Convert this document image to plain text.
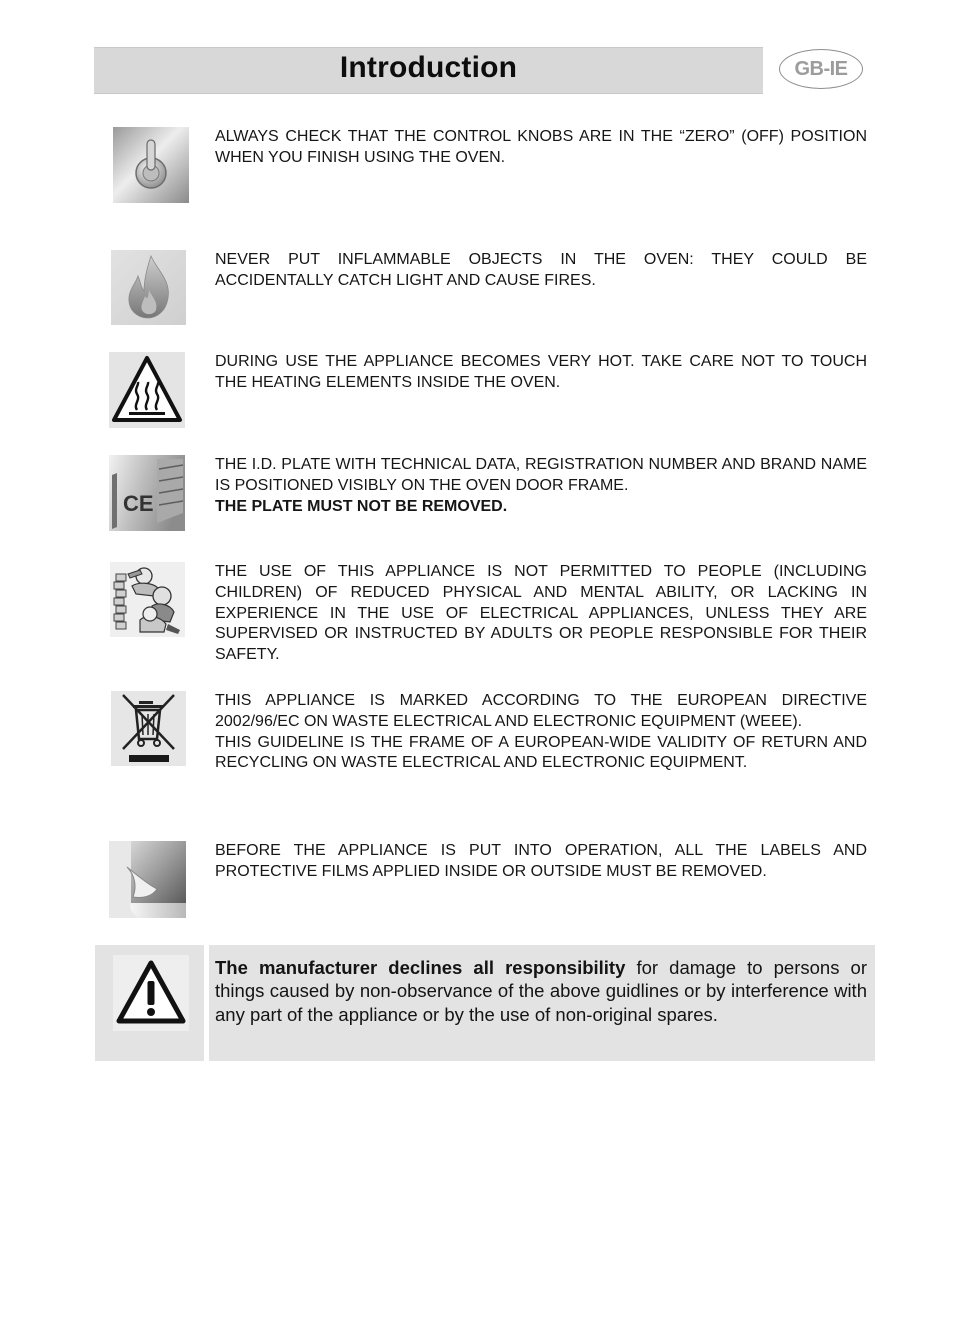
Introduction	GB-IE

ALWAYS CHECK THAT THE CONTROL KNOBS ARE IN THE “ZERO” (OFF) POSITION WHEN YOU FINISH USING THE OVEN.

NEVER PUT INFLAMMABLE OBJECTS IN THE OVEN: THEY COULD BE ACCIDENTALLY CATCH LIGHT AND CAUSE FIRES.

DURING USE THE APPLIANCE BECOMES VERY HOT. TAKE CARE NOT TO TOUCH THE HEATING ELEMENTS INSIDE THE OVEN.

CE

THE I.D. PLATE WITH TECHNICAL DATA, REGISTRATION NUMBER AND BRAND NAME IS POSITIONED VISIBLY ON THE OVEN DOOR FRAME.

THE PLATE MUST NOT BE REMOVED.

THE USE OF THIS APPLIANCE IS NOT PERMITTED TO PEOPLE (INCLUDING CHILDREN) OF REDUCED PHYSICAL AND MENTAL ABILITY, OR LACKING IN EXPERIENCE IN THE USE OF ELECTRICAL APPLIANCES, UNLESS THEY ARE SUPERVISED OR INSTRUCTED BY ADULTS OR PEOPLE RESPONSIBLE FOR THEIR SAFETY.

THIS APPLIANCE IS MARKED ACCORDING TO THE EUROPEAN DIRECTIVE 2002/96/EC ON WASTE ELECTRICAL AND ELECTRONIC EQUIPMENT (WEEE).

THIS GUIDELINE IS THE FRAME OF A EUROPEAN-WIDE VALIDITY OF RETURN AND RECYCLING ON WASTE ELECTRICAL AND ELECTRONIC EQUIPMENT.

BEFORE THE APPLIANCE IS PUT INTO OPERATION, ALL THE LABELS AND PROTECTIVE FILMS APPLIED INSIDE OR OUTSIDE MUST BE REMOVED.

The manufacturer declines all responsibility for damage to persons or things caused by non-observance of the above guidlines or by interference with any part of the appliance or by the use of non-original spares.
